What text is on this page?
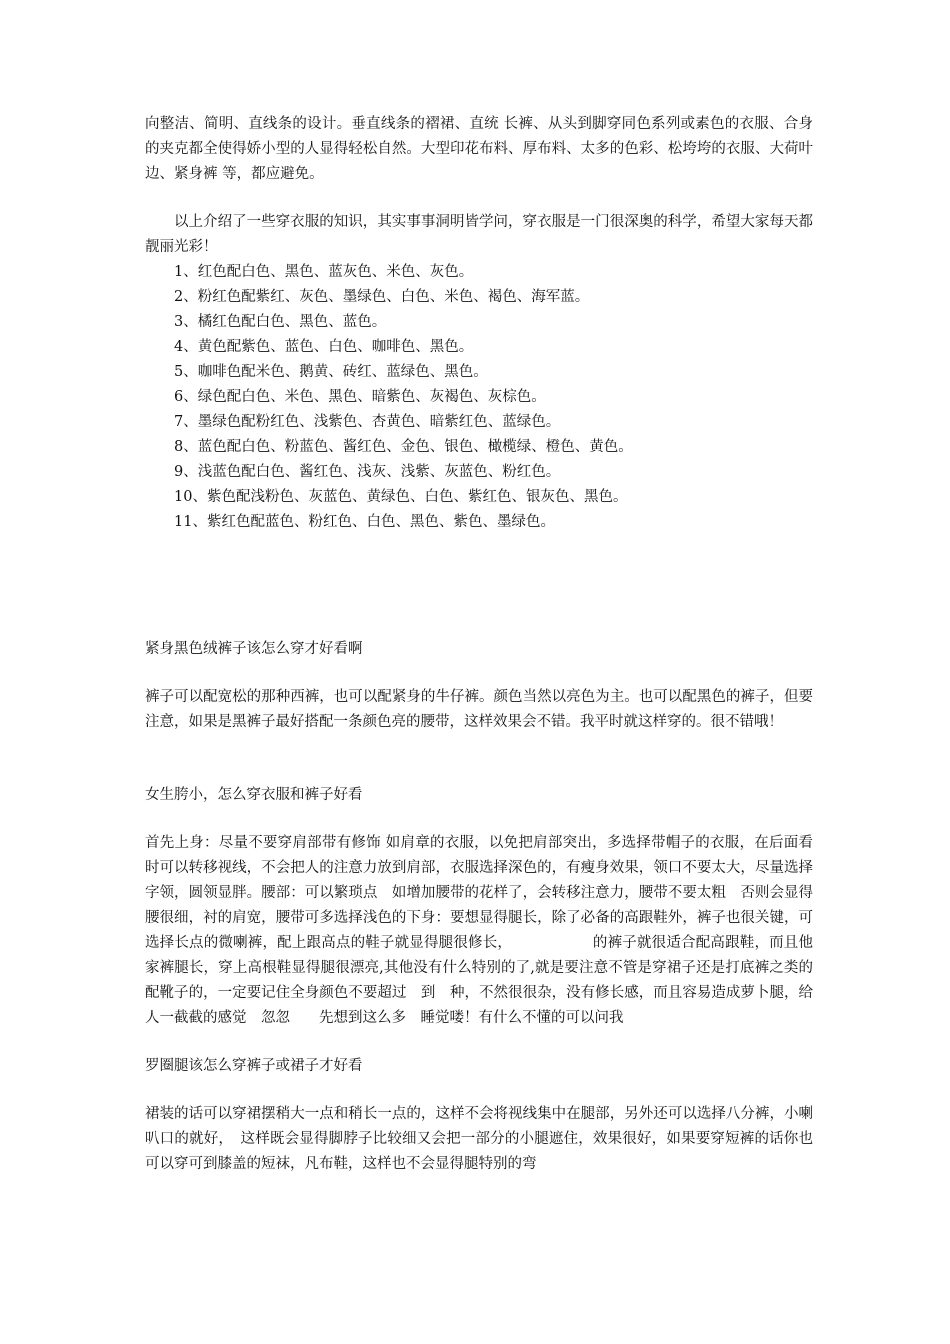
向整洁、简明、直线条的设计。垂直线条的褶裙、直统 长裤、从头到脚穿同色系列或素色的衣服、合身的夹克都全使得娇小型的人显得轻松自然。大型印花布料、厚布料、太多的色彩、松垮垮的衣服、大荷叶边、紧身裤 等，都应避免。

以上介绍了一些穿衣服的知识，其实事事洞明皆学问，穿衣服是一门很深奥的科学，希望大家每天都靓丽光彩！

1、红色配白色、黑色、蓝灰色、米色、灰色。
2、粉红色配紫红、灰色、墨绿色、白色、米色、褐色、海军蓝。
3、橘红色配白色、黑色、蓝色。
4、黄色配紫色、蓝色、白色、咖啡色、黑色。
5、咖啡色配米色、鹅黄、砖红、蓝绿色、黑色。
6、绿色配白色、米色、黑色、暗紫色、灰褐色、灰棕色。
7、墨绿色配粉红色、浅紫色、杏黄色、暗紫红色、蓝绿色。
8、蓝色配白色、粉蓝色、酱红色、金色、银色、橄榄绿、橙色、黄色。
9、浅蓝色配白色、酱红色、浅灰、浅紫、灰蓝色、粉红色。
10、紫色配浅粉色、灰蓝色、黄绿色、白色、紫红色、银灰色、黑色。
11、紫红色配蓝色、粉红色、白色、黑色、紫色、墨绿色。
紧身黑色绒裤子该怎么穿才好看啊

裤子可以配宽松的那种西裤，也可以配紧身的牛仔裤。颜色当然以亮色为主。也可以配黑色的裤子，但要注意，如果是黑裤子最好搭配一条颜色亮的腰带，这样效果会不错。我平时就这样穿的。很不错哦！

女生胯小，怎么穿衣服和裤子好看

首先上身：尽量不要穿肩部带有修饰 如肩章的衣服，以免把肩部突出，多选择带帽子的衣服，在后面看时可以转移视线，不会把人的注意力放到肩部，衣服选择深色的，有瘦身效果，领口不要太大，尽量选择　字领，圆领显胖。腰部：可以繁琐点　如增加腰带的花样了，会转移注意力，腰带不要太粗　否则会显得腰很细，衬的肩宽，腰带可多选择浅色的下身：要想显得腿长，除了必备的高跟鞋外，裤子也很关键，可选择长点的微喇裤，配上跟高点的鞋子就显得腿很修长，　　　　　　的裤子就很适合配高跟鞋，而且他家裤腿长，穿上高根鞋显得腿很漂亮,其他没有什么特别的了,就是要注意不管是穿裙子还是打底裤之类的配靴子的，一定要记住全身颜色不要超过　到　种，不然很很杂，没有修长感，而且容易造成萝卜腿，给人一截截的感觉　忽忽　　先想到这么多　睡觉喽！有什么不懂的可以问我

罗圈腿该怎么穿裤子或裙子才好看

裙装的话可以穿裙摆稍大一点和稍长一点的，这样不会将视线集中在腿部，另外还可以选择八分裤，小喇叭口的就好，　这样既会显得脚脖子比较细又会把一部分的小腿遮住，效果很好，如果要穿短裤的话你也可以穿可到膝盖的短袜，凡布鞋，这样也不会显得腿特别的弯
